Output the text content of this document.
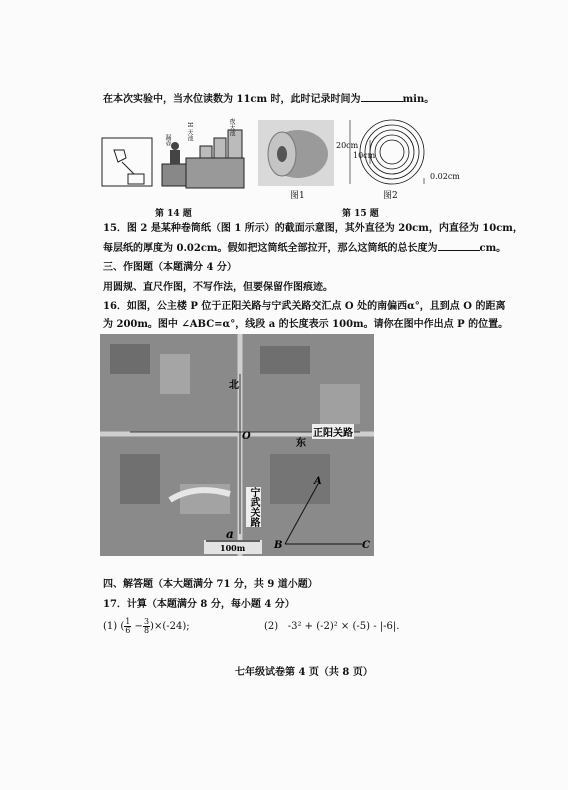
在本次实验中，当水位读数为 11cm 时，此时记录时间为	min。
H 天池	夜天池
漏壶
第 14 题
图1
20cm
10cm
0.02cm
图2
第 15 题
15．图 2 是某种卷筒纸（图 1 所示）的截面示意图，其外直径为 20cm，内直径为 10cm，
每层纸的厚度为 0.02cm。假如把这筒纸全部拉开，那么这筒纸的总长度为	cm。
三、作图题（本题满分 4 分）
用圆规、直尺作图，不写作法，但要保留作图痕迹。
16．如图，公主楼 P 位于正阳关路与宁武关路交汇点 O 处的南偏西α°，且到点 O 的距离
为 200m。图中 ∠ABC=α°，线段 a 的长度表示 100m。请你在图中作出点 P 的位置。
北
O
东
正阳关路
宁武关路
A
B	C
a
100m
四、解答题（本大题满分 71 分，共 9 道小题）
17．计算（本题满分 8 分，每小题 4 分）
(1) ( $\frac{1}{6} - \frac{3}{8} )\times(-24)$;	(2) -3² + (-2)² × (-5) - |-6|.
七年级试卷第 4 页（共 8 页）
